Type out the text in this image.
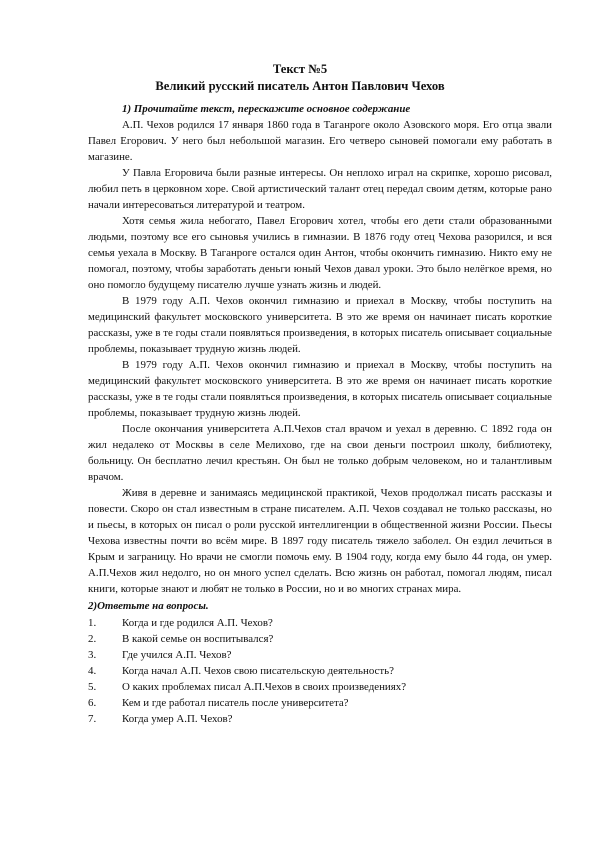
Текст №5
Великий русский писатель Антон Павлович Чехов

1) Прочитайте текст, перескажите основное содержание

А.П. Чехов родился 17 января 1860 года в Таганроге около Азовского моря. Его отца звали Павел Егорович. У него был небольшой магазин. Его четверо сыновей помогали ему работать в магазине.

У Павла Егоровича были разные интересы. Он неплохо играл на скрипке, хорошо рисовал, любил петь в церковном хоре. Свой артистический талант отец передал своим детям, которые рано начали интересоваться литературой и театром.

Хотя семья жила небогато, Павел Егорович хотел, чтобы его дети стали образованными людьми, поэтому все его сыновья учились в гимназии. В 1876 году отец Чехова разорился, и вся семья уехала в Москву. В Таганроге остался один Антон, чтобы окончить гимназию. Никто ему не помогал, поэтому, чтобы заработать деньги юный Чехов давал уроки. Это было нелёгкое время, но оно помогло будущему писателю лучше узнать жизнь и людей.

В 1979 году А.П. Чехов окончил гимназию и приехал в Москву, чтобы поступить на медицинский факультет московского университета. В это же время он начинает писать короткие рассказы, уже в те годы стали появляться произведения, в которых писатель описывает социальные проблемы, показывает трудную жизнь людей.

В 1979 году А.П. Чехов окончил гимназию и приехал в Москву, чтобы поступить на медицинский факультет московского университета. В это же время он начинает писать короткие рассказы, уже в те годы стали появляться произведения, в которых писатель описывает социальные проблемы, показывает трудную жизнь людей.

После окончания университета А.П.Чехов стал врачом и уехал в деревню. С 1892 года он жил недалеко от Москвы в селе Мелихово, где на свои деньги построил школу, библиотеку, больницу. Он бесплатно лечил крестьян. Он был не только добрым человеком, но и талантливым врачом.

Живя в деревне и занимаясь медицинской практикой, Чехов продолжал писать рассказы и повести. Скоро он стал известным в стране писателем. А.П. Чехов создавал не только рассказы, но и пьесы, в которых он писал о роли русской интеллигенции в общественной жизни России. Пьесы Чехова известны почти во всём мире. В 1897 году писатель тяжело заболел. Он ездил лечиться в Крым и заграницу. Но врачи не смогли помочь ему. В 1904 году, когда ему было 44 года, он умер. А.П.Чехов жил недолго, но он много успел сделать. Всю жизнь он работал, помогал людям, писал книги, которые знают и любят не только в России, но и во многих странах мира.

2)Ответьте на вопросы.

1.	Когда и где родился А.П. Чехов?
2.	В какой семье он воспитывался?
3.	Где учился А.П. Чехов?
4.	Когда начал А.П. Чехов свою писательскую деятельность?
5.	О каких проблемах писал А.П.Чехов в своих произведениях?
6.	Кем и где работал писатель после университета?
7.	Когда умер А.П. Чехов?
